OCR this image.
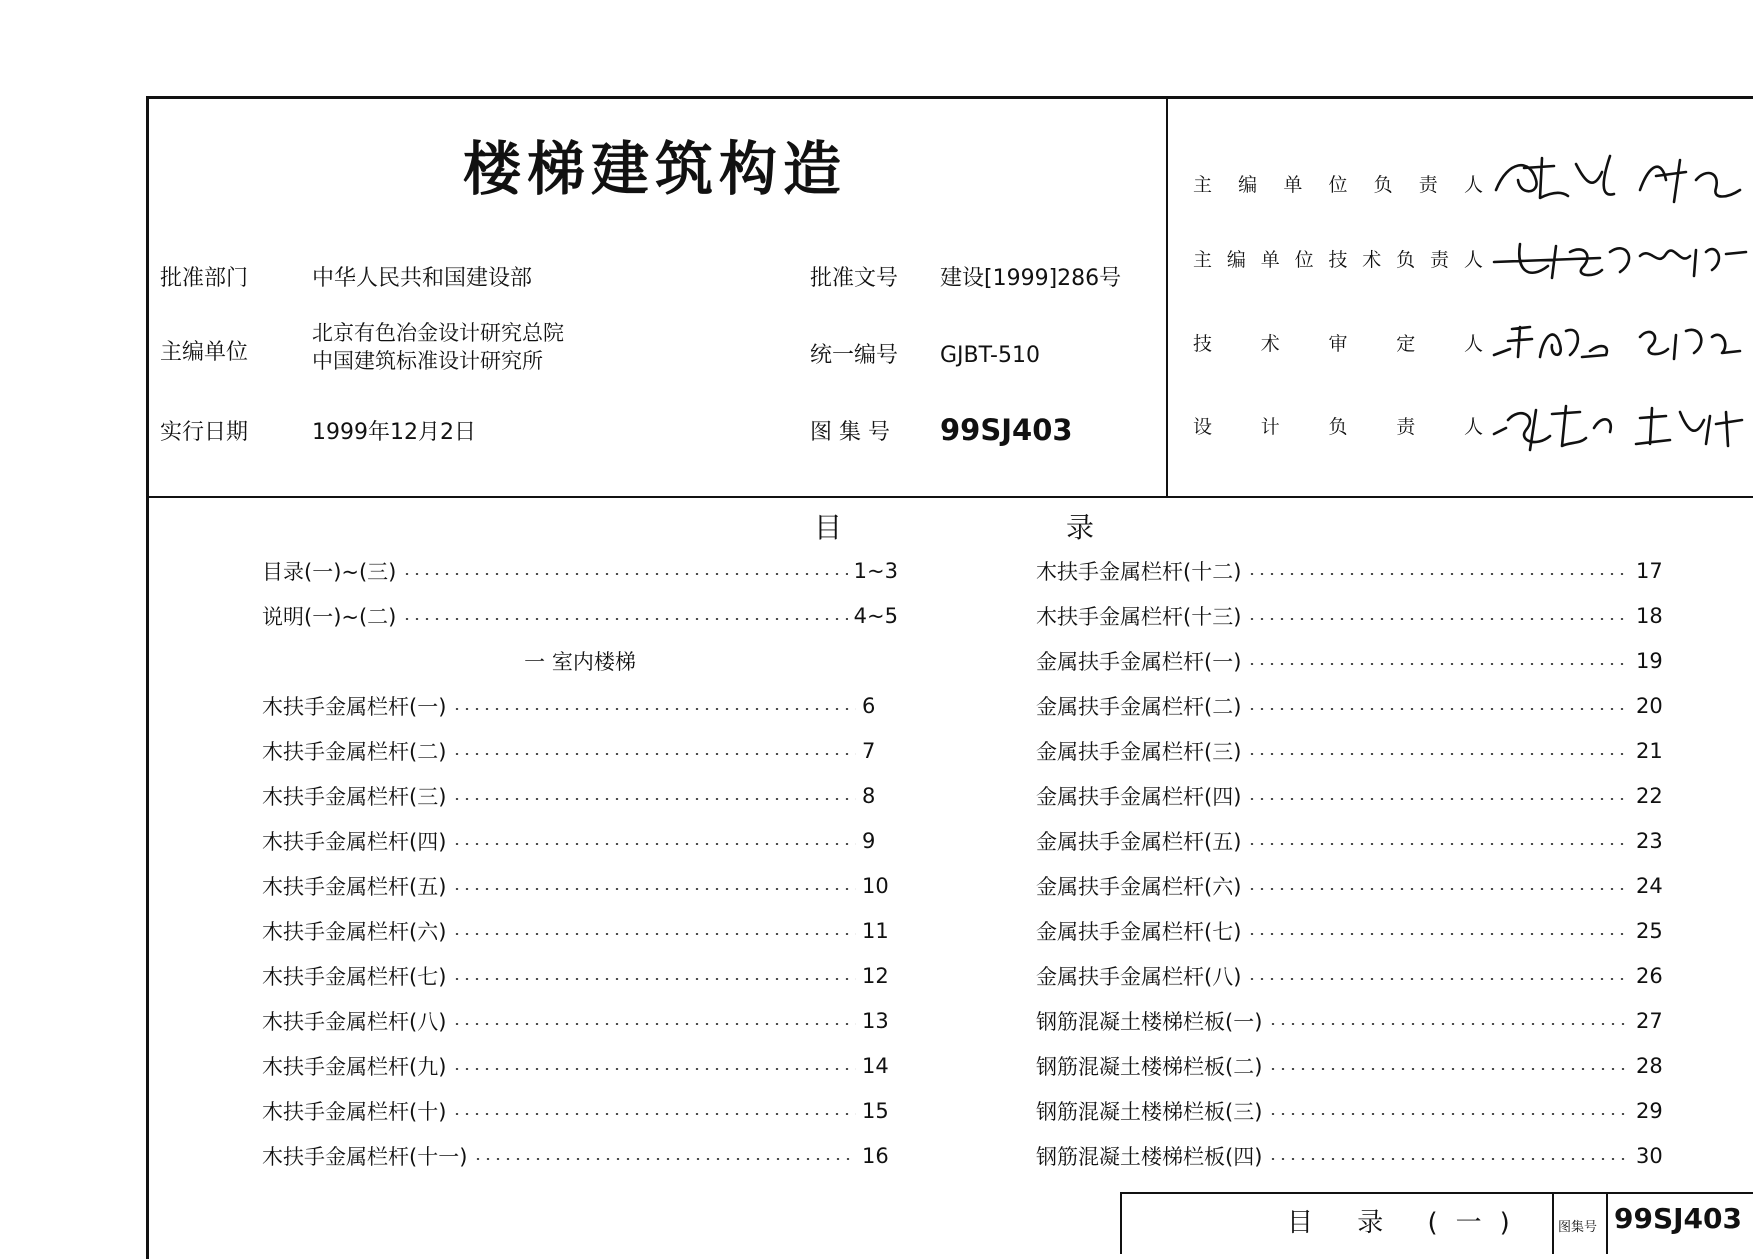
楼梯建筑构造
批准部门	中华人民共和国建设部	批准文号 建设[1999]286号
主编单位
北京有色冶金设计研究总院
中国建筑标准设计研究所	统一编号 GJBT-510
实行日期	1999年12月2日	图 集 号 99SJ403
主 编 单 位 负 责 人
主 编 单 位 技 术 负 责 人
技	术	审	定	人
设	计	负	责	人
目	录
目录(一)~(三)	1~3
说明(一)~(二)	4~5
一 室内楼梯
木扶手金属栏杆(一)	6
木扶手金属栏杆(二)	7
木扶手金属栏杆(三)	8
木扶手金属栏杆(四)	9
木扶手金属栏杆(五)	10
木扶手金属栏杆(六)	11
木扶手金属栏杆(七)	12
木扶手金属栏杆(八)	13
木扶手金属栏杆(九)	14
木扶手金属栏杆(十)	15
木扶手金属栏杆(十一)	16
木扶手金属栏杆(十二)	17
木扶手金属栏杆(十三)	18
金属扶手金属栏杆(一)	19
金属扶手金属栏杆(二)	20
金属扶手金属栏杆(三)	21
金属扶手金属栏杆(四)	22
金属扶手金属栏杆(五)	23
金属扶手金属栏杆(六)	24
金属扶手金属栏杆(七)	25
金属扶手金属栏杆(八)	26
钢筋混凝土楼梯栏板(一)	27
钢筋混凝土楼梯栏板(二)	28
钢筋混凝土楼梯栏板(三)	29
钢筋混凝土楼梯栏板(四)	30
目 录 (一) 图集号 99SJ403
